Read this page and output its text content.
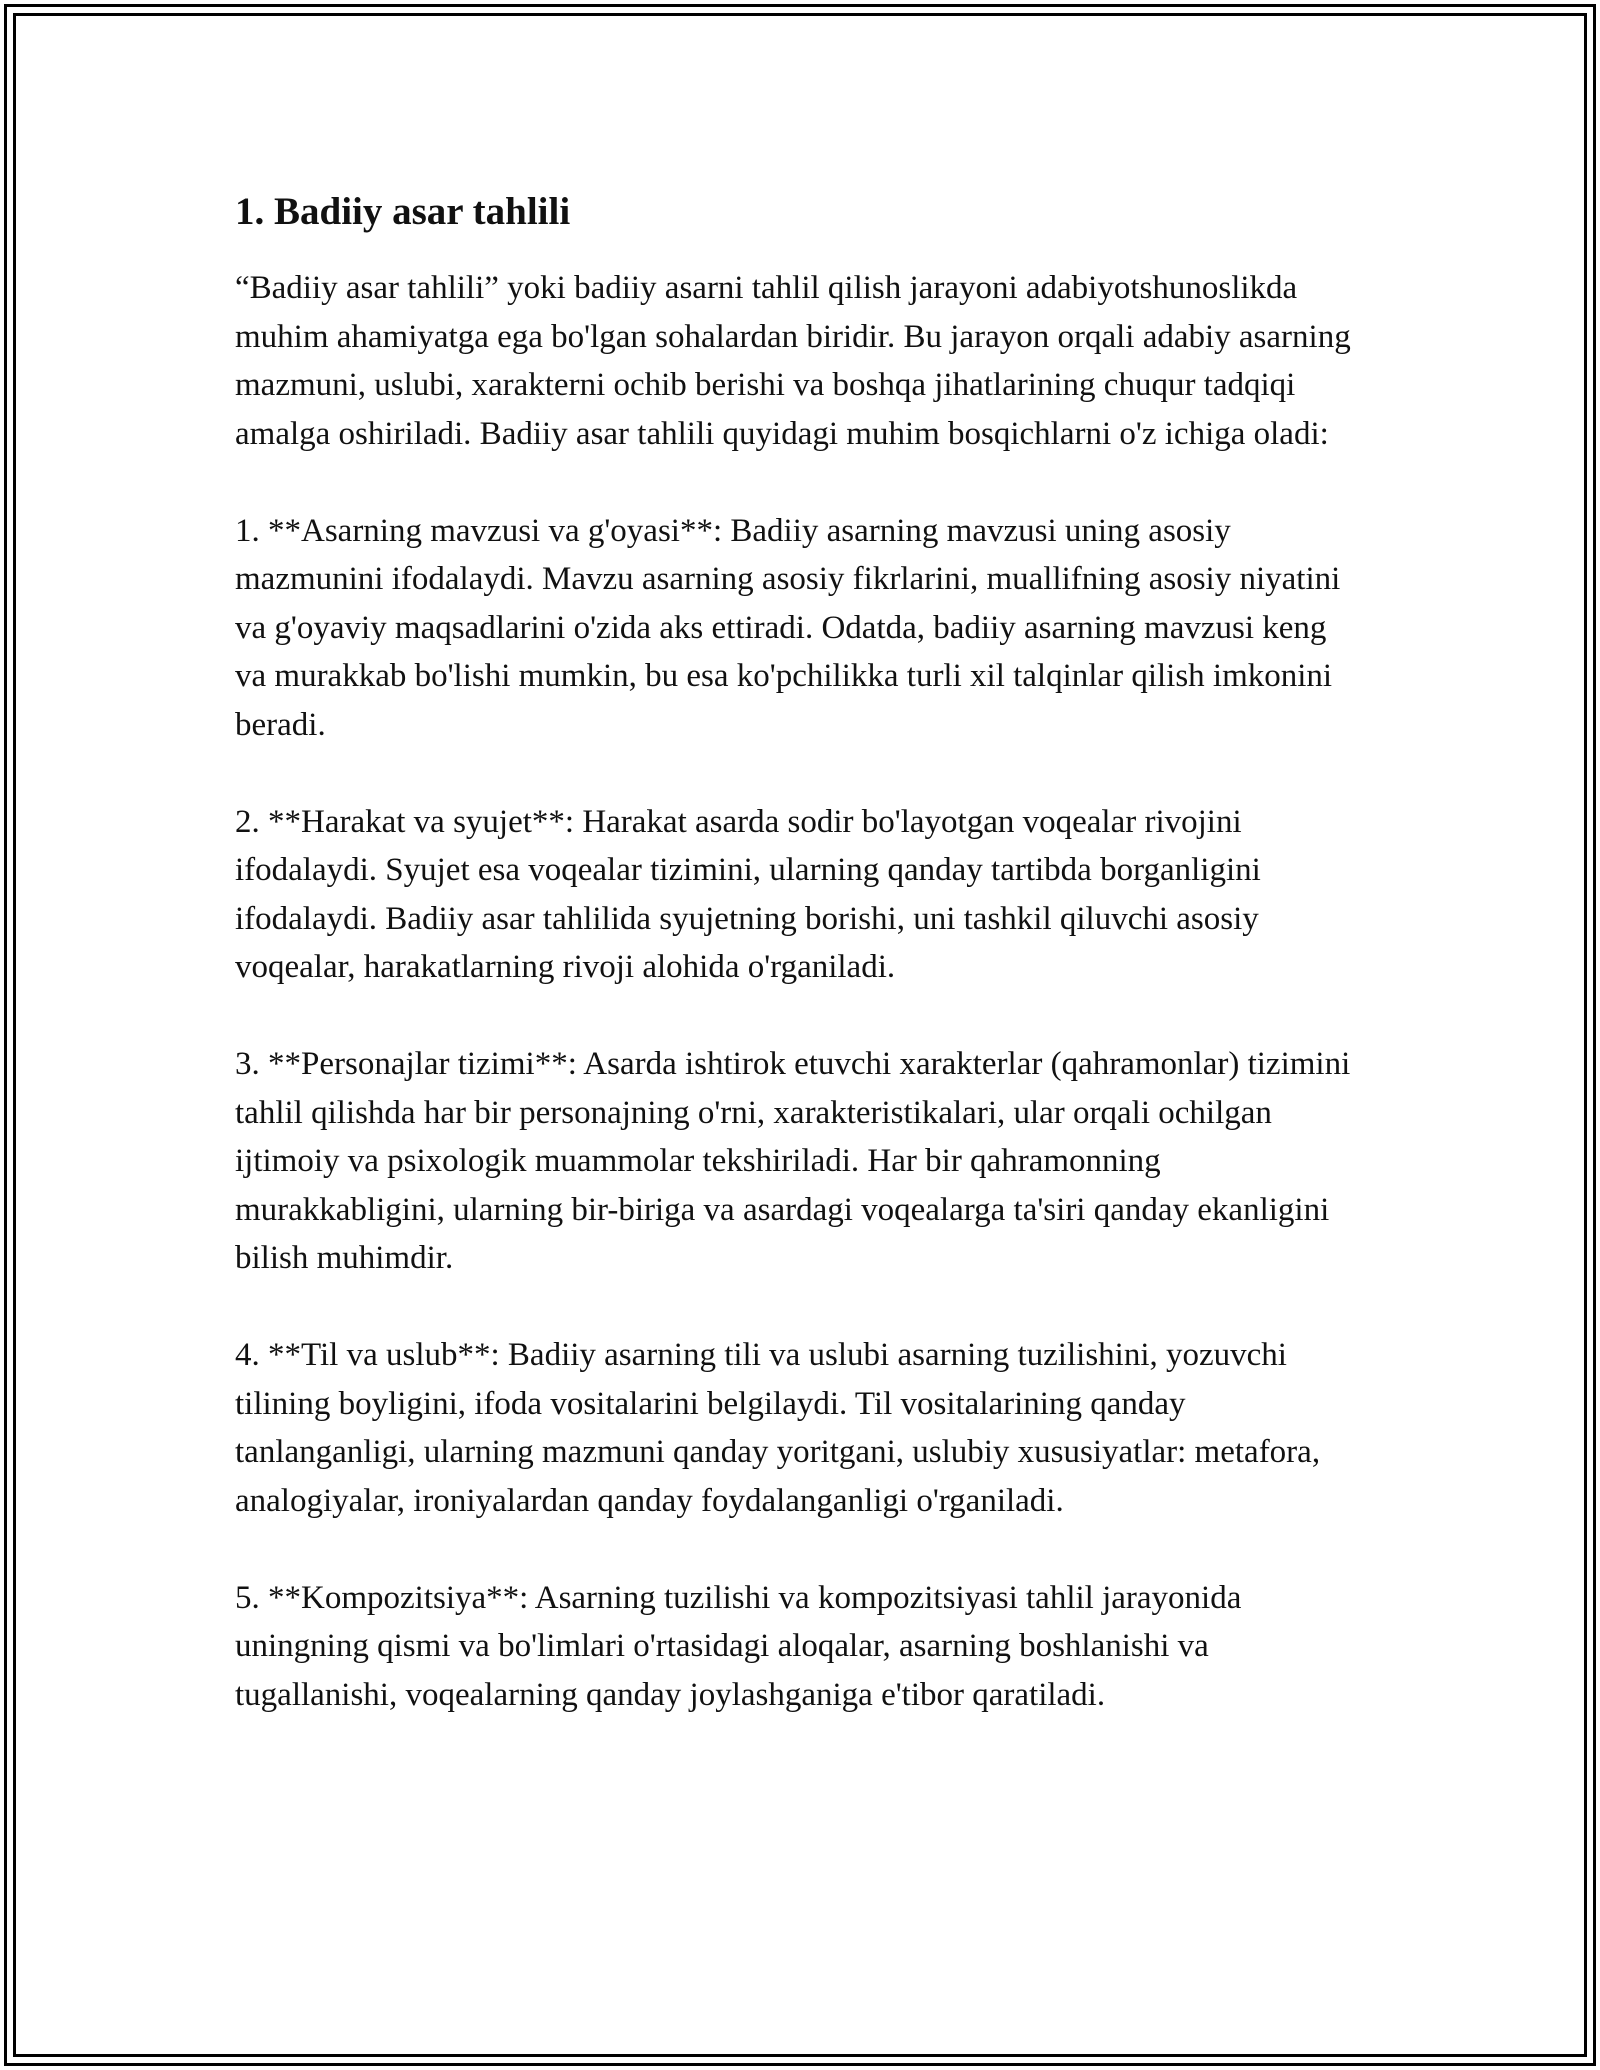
1. Badiiy asar tahlili

“Badiiy asar tahlili” yoki badiiy asarni tahlil qilish jarayoni adabiyotshunoslikda muhim ahamiyatga ega bo'lgan sohalardan biridir. Bu jarayon orqali adabiy asarning mazmuni, uslubi, xarakterni ochib berishi va boshqa jihatlarining chuqur tadqiqi amalga oshiriladi. Badiiy asar tahlili quyidagi muhim bosqichlarni o'z ichiga oladi:

1. **Asarning mavzusi va g'oyasi**: Badiiy asarning mavzusi uning asosiy mazmunini ifodalaydi. Mavzu asarning asosiy fikrlarini, muallifning asosiy niyatini va g'oyaviy maqsadlarini o'zida aks ettiradi. Odatda, badiiy asarning mavzusi keng va murakkab bo'lishi mumkin, bu esa ko'pchilikka turli xil talqinlar qilish imkonini beradi.

2. **Harakat va syujet**: Harakat asarda sodir bo'layotgan voqealar rivojini ifodalaydi. Syujet esa voqealar tizimini, ularning qanday tartibda borganligini ifodalaydi. Badiiy asar tahlilida syujetning borishi, uni tashkil qiluvchi asosiy voqealar, harakatlarning rivoji alohida o'rganiladi.

3. **Personajlar tizimi**: Asarda ishtirok etuvchi xarakterlar (qahramonlar) tizimini tahlil qilishda har bir personajning o'rni, xarakteristikalari, ular orqali ochilgan ijtimoiy va psixologik muammolar tekshiriladi. Har bir qahramonning murakkabligini, ularning bir-biriga va asardagi voqealarga ta'siri qanday ekanligini bilish muhimdir.

4. **Til va uslub**: Badiiy asarning tili va uslubi asarning tuzilishini, yozuvchi tilining boyligini, ifoda vositalarini belgilaydi. Til vositalarining qanday tanlanganligi, ularning mazmuni qanday yoritgani, uslubiy xususiyatlar: metafora, analogiyalar, ironiyalardan qanday foydalanganligi o'rganiladi.

5. **Kompozitsiya**: Asarning tuzilishi va kompozitsiyasi tahlil jarayonida uningning qismi va bo'limlari o'rtasidagi aloqalar, asarning boshlanishi va tugallanishi, voqealarning qanday joylashganiga e'tibor qaratiladi.
